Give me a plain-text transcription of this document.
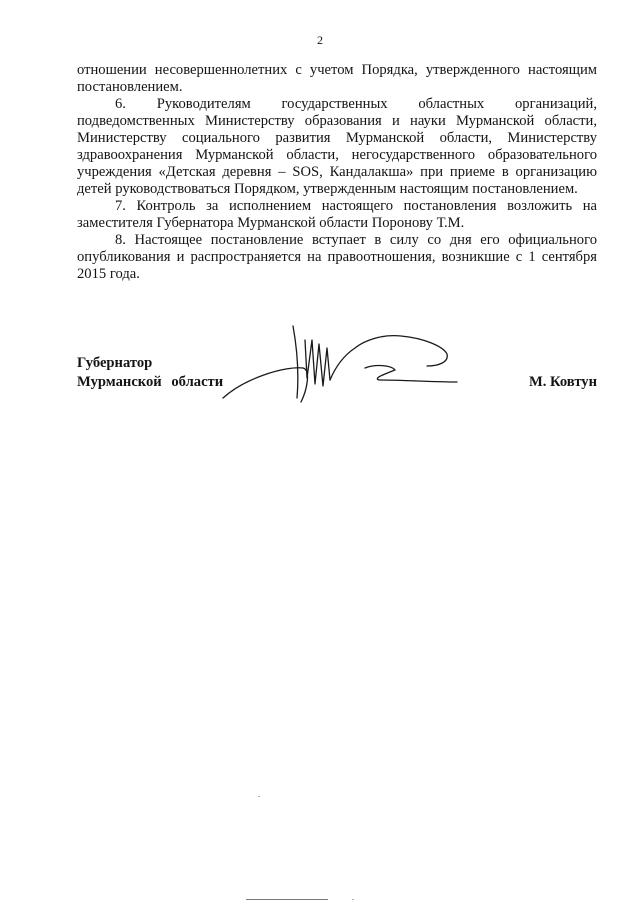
2

отношении несовершеннолетних с учетом Порядка, утвержденного настоящим постановлением.

6. Руководителям государственных областных организаций, подведомственных Министерству образования и науки Мурманской области, Министерству социального развития Мурманской области, Министерству здравоохранения Мурманской области, негосударственного образовательного учреждения «Детская деревня – SOS, Кандалакша» при приеме в организацию детей руководствоваться Порядком, утвержденным настоящим постановлением.

7. Контроль за исполнением настоящего постановления возложить на заместителя Губернатора Мурманской области Поронову Т.М.

8. Настоящее постановление вступает в силу со дня его официального опубликования и распространяется на правоотношения, возникшие с 1 сентября 2015 года.

Губернатор
Мурманской области	М. Ковтун
